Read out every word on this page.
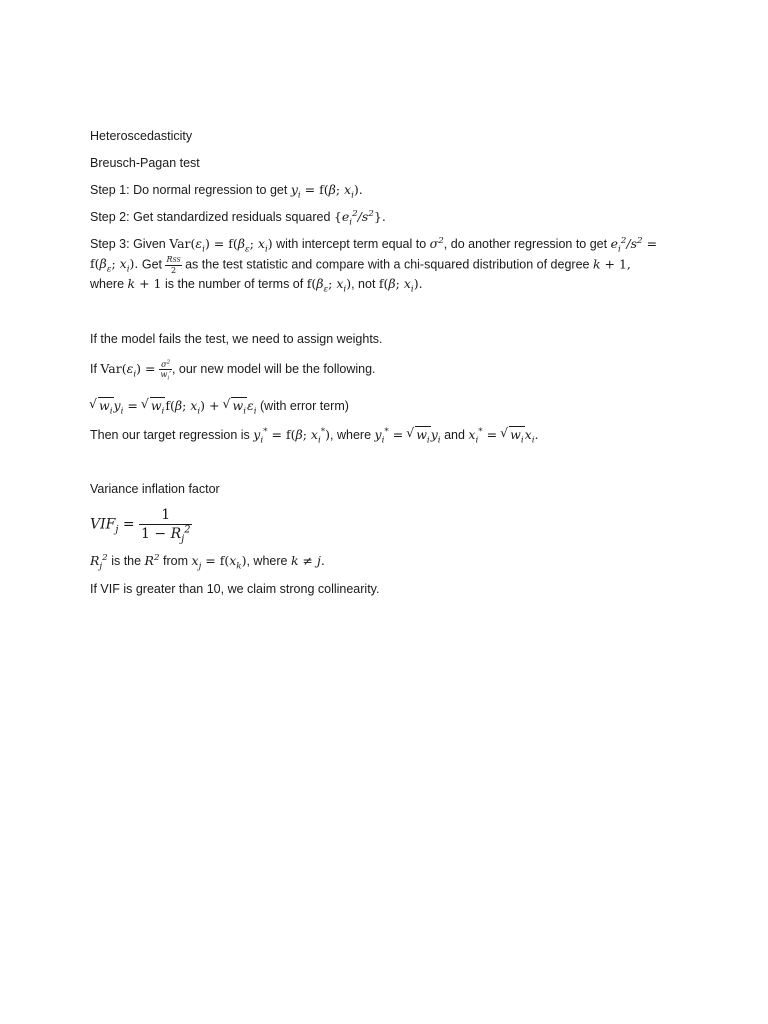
Heteroscedasticity
Breusch-Pagan test
Step 1: Do normal regression to get $y_i = f(\beta$; $x_i$).
Step 2: Get standardized residuals squared $\{e_i^2/s^2\}$.
Step 3: Given $Var(\varepsilon_i) = f(\beta_\varepsilon$; $x_i$) with intercept term equal to $\sigma^2$, do another regression to get $e_i^2/s^2$ =
$f(\beta_\varepsilon$; $x_i$). Get $\frac{\text{RSS}}{2}$ as the test statistic and compare with a chi-squared distribution of degree k + 1,
where k + 1 is the number of terms of $f(\beta_\varepsilon$; $x_i$), not f(β; $x_i$).
If the model fails the test, we need to assign weights.
If $Var(\varepsilon_i) = \frac{\sigma^2}{w_i'}$ , our new model will be the following.
√ $w_iy_i$ = √ $w_if(\beta$; $x_i$) + √ $w_i\varepsilon_i$ (with error term)
Then our target regression is $y_i^* = f(\beta$; $x_i^*$), where $y_i^*$ = √ $w_iy_i$ and $x_i^*$ = √ $w_ix_i$.
Variance inflation factor
$VIF_j = \frac{1}{1 - R_j^2}$
$R_j^2$ is the $R^2$ from $x_j = f(x_k)$, where k ≠ j.
If VIF is greater than 10, we claim strong collinearity.
